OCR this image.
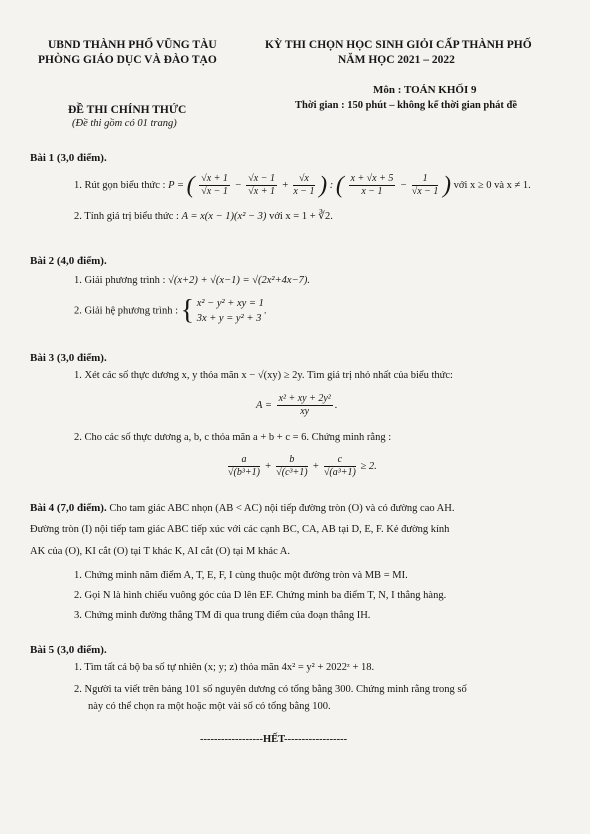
UBND THÀNH PHỐ VŨNG TÀU
PHÒNG GIÁO DỤC VÀ ĐÀO TẠO
KỲ THI CHỌN HỌC SINH GIỎI CẤP THÀNH PHỐ
NĂM HỌC 2021 – 2022
ĐỀ THI CHÍNH THỨC
(Đề thi gồm có 01 trang)
Môn : TOÁN KHỐI 9
Thời gian : 150 phút – không kể thời gian phát đề
Bài 1 (3,0 điểm).
1. Rút gọn biểu thức : P = ( $\frac{√x + 1}{√x - 1} - \frac{√x - 1}{√x + 1} + \frac{√x}{x - 1}$ ) : ( $\frac{x + √x + 5}{x - 1} - \frac{1}{√x - 1}$ ) với x ≥ 0 và x ≠ 1.
2. Tính giá trị biểu thức : A = x(x − 1)(x² − 3) với x = 1 + ∛2.
Bài 2 (4,0 điểm).
1. Giải phương trình : √(x+2) + √(x−1) = √(2x²+4x−7).
2. Giải hệ phương trình : { x² − y² + xy = 1
3x + y = y² + 3
.
Bài 3 (3,0 điểm).
1. Xét các số thực dương x, y thỏa mãn x − √(xy) ≥ 2y. Tìm giá trị nhỏ nhất của biểu thức:
$A = \frac{\text{x² + xy + 2y²}}{xy}$ .
2. Cho các số thực dương a, b, c thỏa mãn a + b + c = 6. Chứng minh rằng :
$\frac{a}{\text{√(b³+1)}} + \frac{b}{\text{√(c³+1)}} + \frac{c}{\text{√(a³+1)}} \ge 2$.
Bài 4 (7,0 điểm). Cho tam giác ABC nhọn (AB < AC) nội tiếp đường tròn (O) và có đường cao AH.
Đường tròn (I) nội tiếp tam giác ABC tiếp xúc với các cạnh BC, CA, AB tại D, E, F. Kẻ đường kính
AK của (O), KI cắt (O) tại T khác K, AI cắt (O) tại M khác A.
1. Chứng minh năm điểm A, T, E, F, I cùng thuộc một đường tròn và MB = MI.
2. Gọi N là hình chiếu vuông góc của D lên EF. Chứng minh ba điểm T, N, I thẳng hàng.
3. Chứng minh đường thẳng TM đi qua trung điểm của đoạn thẳng IH.
Bài 5 (3,0 điểm).
1. Tìm tất cả bộ ba số tự nhiên (x; y; z) thỏa mãn 4x² = y² + 2022ᶻ + 18.
2. Người ta viết trên bảng 101 số nguyên dương có tổng bằng 300. Chứng minh rằng trong số
này có thể chọn ra một hoặc một vài số có tổng bằng 100.
------------------HẾT------------------
